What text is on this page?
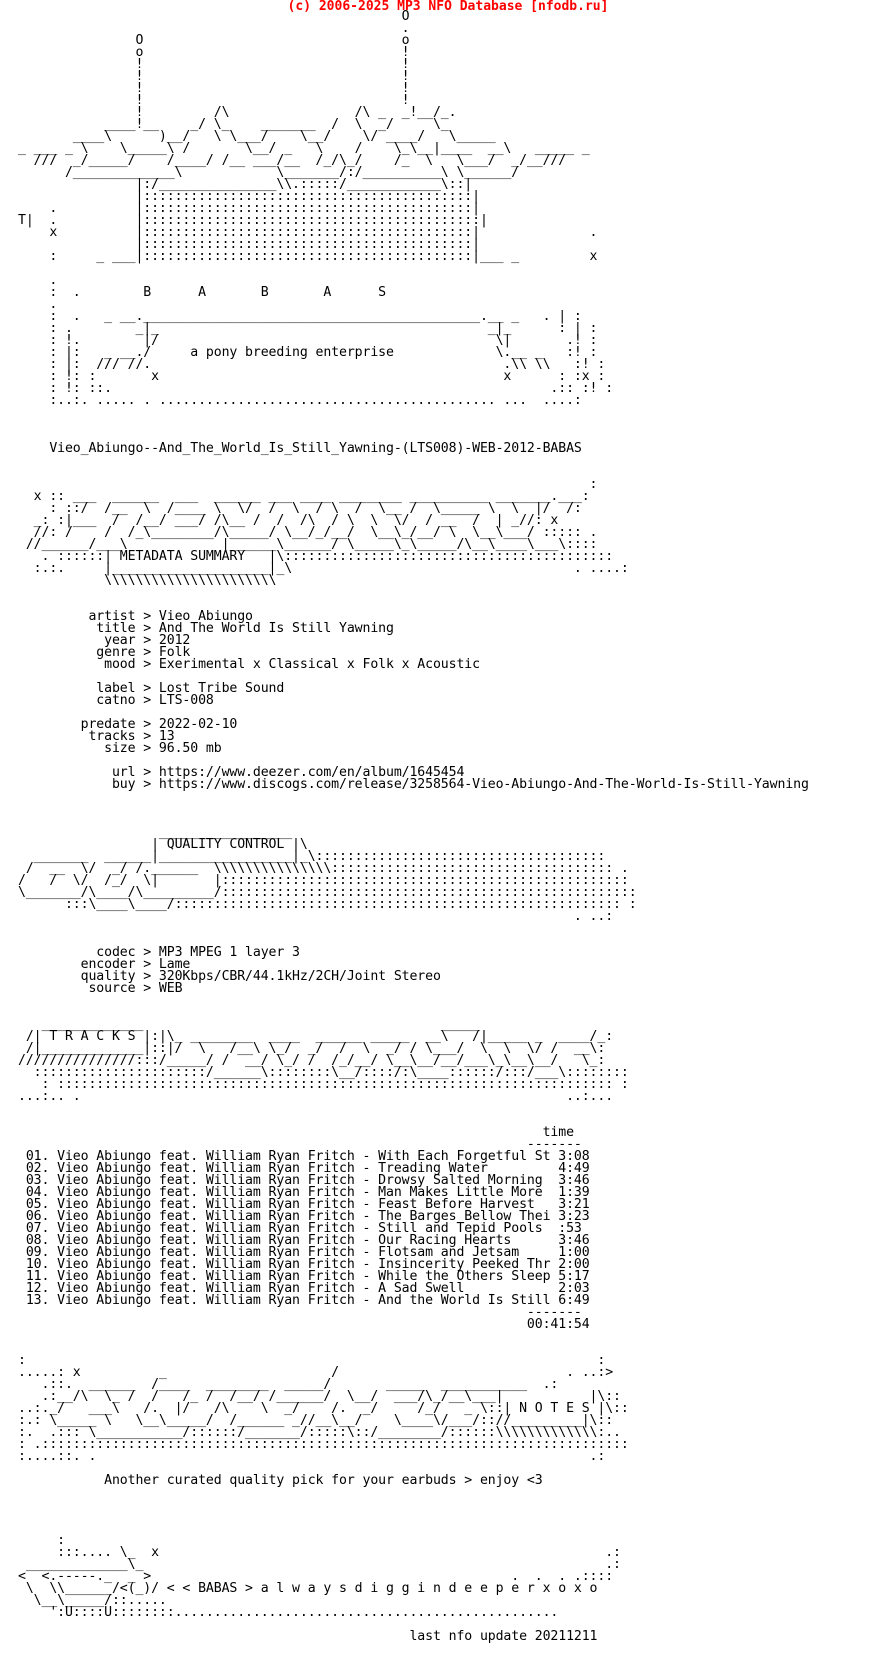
(c) 2006-2025 MP3 NFO Database [nfodb.ru]
O
.
O                                 o
o                                 !
!                                 !
!                                 !
!                                 !
!                                 !
!         /\                /\ _  _!__/_.
____!__    _/ \_    _______  /  \  _/     \_
____\      )__/   \ \___/    \__/    \/ ____/   \_____
_ ___ _ \    \_____\ /       \__/ _   \    /    \_\__|____  __\   _____ _
///  _/_____/    /____/ /__ ___/__  /_/\_/    /_  \   \___/  _/__///
/_____________\            \_______/:/__________\ \______/
|:/_______________\\.:::::/____________\::|
|::::::::::::::::::::::::::::::::::::::::::|
.          |::::::::::::::::::::::::::::::::::::::::::|
T|  .          |:::::::::::::::::::::::::::::::::::::::::::|
x          |::::::::::::::::::::::::::::::::::::::::::|              .
|::::::::::::::::::::::::::::::::::::::::::|
:     _ ___|::::::::::::::::::::::::::::::::::::::::::|___ _         x
.
:  .        B      A       B       A      S
.
:  .   _ __.___________________________________________.__ _   . | :
: .        _|_                                          _|_      : | :
: !.        |/                                           \|       .! :
: |:   _ __./     a pony breeding enterprise             \.__ _   :! :
: |:  /// //.                                             .\\ \\   :! :
: !: :       x                                            x      : :x :
: !: ::.                                                        .:: :! :
:..:. ..... . ........................................... ...  ....:
Vieo_Abiungo--And_The_World_Is_Still_Yawning-(LTS008)-WEB-2012-BABAS
:
x :: ___  ______  ___  ______ ___ ____ ________ __________ _______.___:
: ::/  /__  \  /____ \  \/  /  \  / \  /  \__ /  \_____ \  \  |/  /:
_: :|___  /  /__/ ___/ /\__ /  /  /\  / \  \  \/  / __  /  | _//: x
//: /    /  /_\________/\_____/ \__/_/__/  \__\_/__/ \  \__\___/ ::::: .
//______/___\            |______\______/ \_____\_\_____/\__\____\___\::::
. ::::::| METADATA SUMMARY   |\::::::::::::::::::::::::::::::::::::::::::
:.:.     |____________________|_\                                    . ....:
\\\\\\\\\\\\\\\\\\\\\\
artist > Vieo Abiungo
title > And The World Is Still Yawning
year > 2012
genre > Folk
mood > Exerimental x Classical x Folk x Acoustic
label > Lost Tribe Sound
catno > LTS-008
predate > 2022-02-10
tracks > 13
size > 96.50 mb
url > https://www.deezer.com/en/album/1645454
buy > https://www.discogs.com/release/3258564-Vieo-Abiungo-And-The-World-Is-Still-Yawning
_________________
| QUALITY CONTROL |\
_______  ______|_________________|_\:::::::::::::::::::::::::::::::::::::
/  __  \/  _/ /.______  \\\\\\\\\\\\\\\:::::::::::::::::::::::::::::::::::: .
/   /  \/  /_/  \|       |::::::::::::::::::::::::::::::::::::::::::::::::::::
\_______/\____/\_________/:::::::::::::::::::::::::::::::::::::::::::::::::::::
:::\____\____/::::::::::::::::::::::::::::::::::::::::::::::::::::::::: :
. ..:
codec > MP3 MPEG 1 layer 3
encoder > Lame
quality > 320Kbps/CBR/44.1kHz/2CH/Joint Stereo
source > WEB
_____________                                      _____
/| T R A C K S |:|\_ ________  ____  ______ _____  __\   /|_____ _  ____/_:
/|_____________|::|/  \   /__\ \_/  _/  /  \  _/ / \___/  \  \  \/ /  __\:
///////////////:::/_____/ /  __/ \_/ /  /_/__/ \__\__/__/___\_\__\__/   \_:
::::::::::::::::::::::/______\::::::::\__/::::/:\____::::::/:::/___\::::::::
: ::::::::::::::::::::::::::::::::::::::::::::::::::::::::::::::::::::::: :
...:.. .                                                              ..:...
time
-------
01. Vieo Abiungo feat. William Ryan Fritch - With Each Forgetful St 3:08
02. Vieo Abiungo feat. William Ryan Fritch - Treading Water         4:49
03. Vieo Abiungo feat. William Ryan Fritch - Drowsy Salted Morning  3:46
04. Vieo Abiungo feat. William Ryan Fritch - Man Makes Little More  1:39
05. Vieo Abiungo feat. William Ryan Fritch - Feast Before Harvest   3:21
06. Vieo Abiungo feat. William Ryan Fritch - The Barges Bellow Thei 3:23
07. Vieo Abiungo feat. William Ryan Fritch - Still and Tepid Pools  :53
08. Vieo Abiungo feat. William Ryan Fritch - Our Racing Hearts      3:46
09. Vieo Abiungo feat. William Ryan Fritch - Flotsam and Jetsam     1:00
10. Vieo Abiungo feat. William Ryan Fritch - Insincerity Peeked Thr 2:00
11. Vieo Abiungo feat. William Ryan Fritch - While the Others Sleep 5:17
12. Vieo Abiungo feat. William Ryan Fritch - A Sad Swell            2:03
13. Vieo Abiungo feat. William Ryan Fritch - And the World Is Still 6:49
-------
00:41:54
:                                                                         :
.....: x          _                     /                             . ..:>
.::.  ______  /____  ________  _____/       _____  ___________  .:
.:__/\  \_ /  /   /_ /  /__/ /______/  \__/  ___/\_/__\___|           |\::
..:._/   ___\   /.  |/   /\    \  _/    /.  _/     /_/   _ \::| N O T E S |\::
:.: \_____ \   \__\_____/  /______ _//__\__/    \____\/___/:://_________|\::
:.  .::: \___________/::::::/_______/:::::\::/________/::::::\\\\\\\\\\\\\:..
: .:::::::::::::::::::::::::::::::::::::::::::::::::::::::::::::::::::::::::::
:....::. .                                                               .:
Another curated quality pick for your earbuds > enjoy <3
:
:::.... \_  x                                                         .:
_____________\_                                                           .:
<  <.-----._  _ >                                              .  .  . .::::
\  \\______/<(_)/ < < BABAS > a l w a y s d i g g i n d e e p e r x o x o
\__\_____/::.....
':U::::U::::::::.................................................
last nfo update 20211211
